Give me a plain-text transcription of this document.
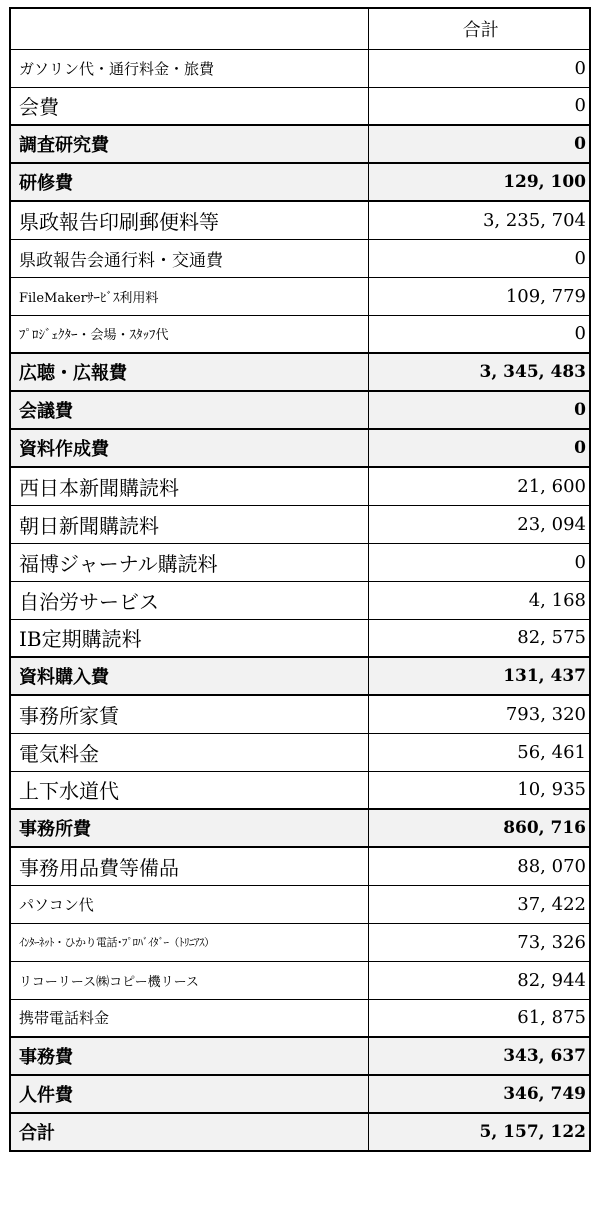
	合計
ガソリン代・通行料金・旅費	0
会費	0
調査研究費	0
研修費	129, 100
県政報告印刷郵便料等	3, 235, 704
県政報告会通行料・交通費	0
FileMakerｻｰﾋﾞｽ利用料	109, 779
ﾌﾟﾛｼﾞｪｸﾀｰ・会場・ｽﾀｯﾌ代	0
広聴・広報費	3, 345, 483
会議費	0
資料作成費	0
西日本新聞購読料	21, 600
朝日新聞購読料	23, 094
福博ジャーナル購読料	0
自治労サービス	4, 168
IB定期購読料	82, 575
資料購入費	131, 437
事務所家賃	793, 320
電気料金	56, 461
上下水道代	10, 935
事務所費	860, 716
事務用品費等備品	88, 070
パソコン代	37, 422
ｲﾝﾀｰﾈｯﾄ・ひかり電話･ﾌﾟﾛﾊﾞｲﾀﾞｰ（ﾄﾘﾆｱｽ）	73, 326
リコーリース㈱コピー機リース	82, 944
携帯電話料金	61, 875
事務費	343, 637
人件費	346, 749
合計	5, 157, 122
